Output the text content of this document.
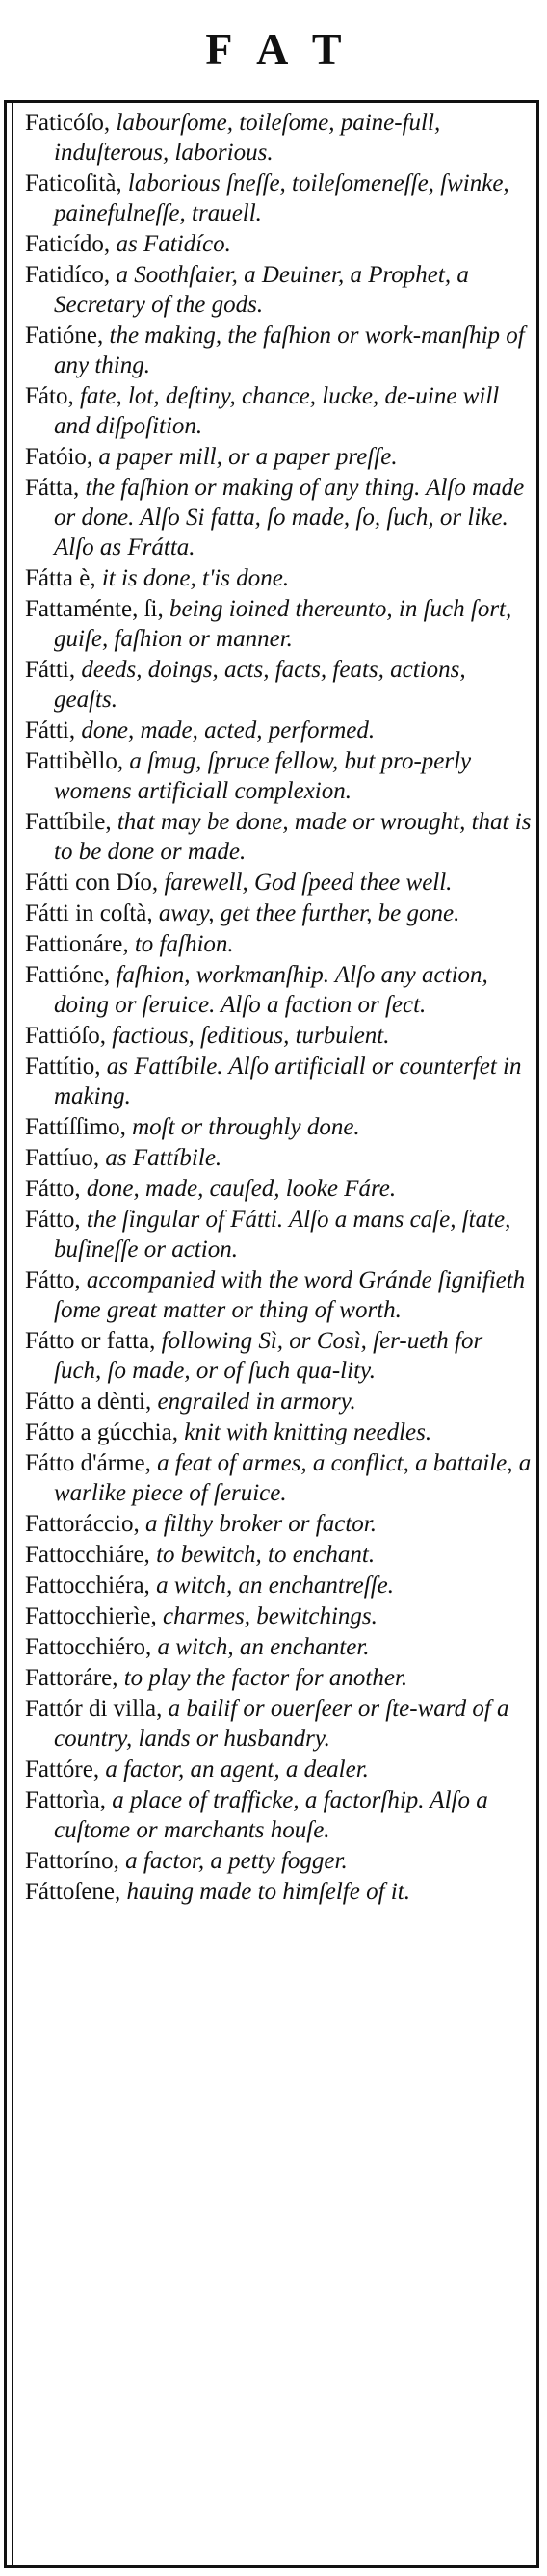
FAT
Faticóſo, labourſome, toileſome, paine-full, induſterous, laborious.
Faticoſità, laborious ſneſſe, toileſomeneſſe, ſwinke, painefulneſſe, trauell.
Faticído, as Fatidíco.
Fatidíco, a Soothſaier, a Deuiner, a Prophet, a Secretary of the gods.
Fatióne, the making, the faſhion or work-manſhip of any thing.
Fáto, fate, lot, deſtiny, chance, lucke, de-uine will and diſpoſition.
Fatóio, a paper mill, or a paper preſſe.
Fátta, the faſhion or making of any thing. Alſo made or done. Alſo Si fatta, ſo made, ſo, ſuch, or like. Alſo as Frátta.
Fátta è, it is done, t'is done.
Fattaménte, ſi, being ioined thereunto, in ſuch ſort, guiſe, faſhion or manner.
Fátti, deeds, doings, acts, facts, feats, actions, geaſts.
Fátti, done, made, acted, performed.
Fattibèllo, a ſmug, ſpruce fellow, but pro-perly womens artificiall complexion.
Fattíbile, that may be done, made or wrought, that is to be done or made.
Fátti con Dío, farewell, God ſpeed thee well.
Fátti in coſtà, away, get thee further, be gone.
Fattionáre, to faſhion.
Fattióne, faſhion, workmanſhip. Alſo any action, doing or ſeruice. Alſo a faction or ſect.
Fattióſo, factious, ſeditious, turbulent.
Fattítio, as Fattíbile. Alſo artificiall or counterfet in making.
Fattíſſimo, moſt or throughly done.
Fattíuo, as Fattíbile.
Fátto, done, made, cauſed, looke Fáre.
Fátto, the ſingular of Fátti. Alſo a mans caſe, ſtate, buſineſſe or action.
Fátto, accompanied with the word Gránde ſignifieth ſome great matter or thing of worth.
Fátto or fatta, following Sì, or Così, ſer-ueth for ſuch, ſo made, or of ſuch qua-lity.
Fátto a dènti, engrailed in armory.
Fátto a gúcchia, knit with knitting needles.
Fátto d'árme, a feat of armes, a conflict, a battaile, a warlike piece of ſeruice.
Fattoráccio, a filthy broker or factor.
Fattocchiáre, to bewitch, to enchant.
Fattocchiéra, a witch, an enchantreſſe.
Fattocchierìe, charmes, bewitchings.
Fattocchiéro, a witch, an enchanter.
Fattoráre, to play the factor for another.
Fattór di villa, a bailif or ouerſeer or ſte-ward of a country, lands or husbandry.
Fattóre, a factor, an agent, a dealer.
Fattorìa, a place of trafficke, a factorſhip. Alſo a cuſtome or marchants houſe.
Fattoríno, a factor, a petty fogger.
Fáttoſene, hauing made to himſelfe of it.
